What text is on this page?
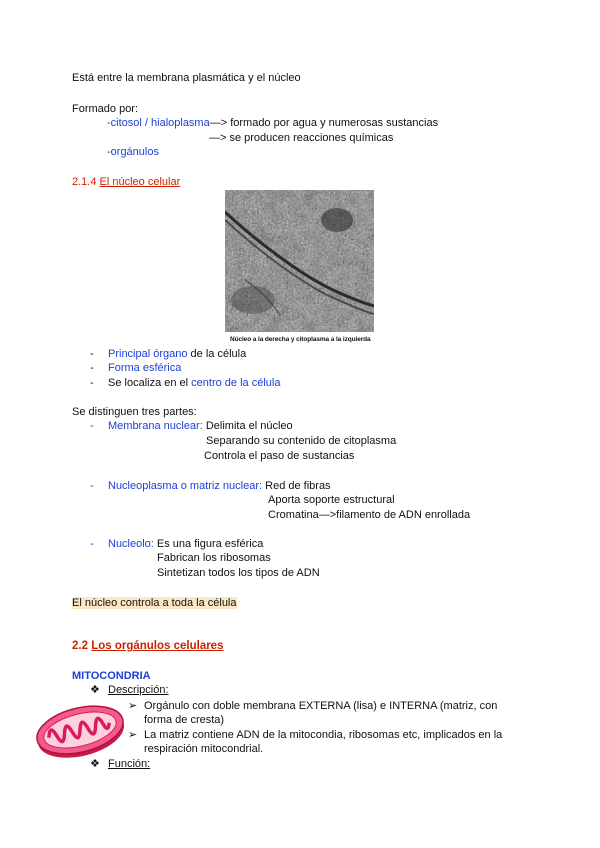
Está entre la membrana plasmática y el núcleo
Formado por:
-citosol / hialoplasma—> formado por agua y numerosas sustancias
—> se producen reacciones químicas
-orgánulos
2.1.4 El núcleo celular
Núcleo a la derecha y citoplasma a la izquierda
- Principal órgano de la célula
- Forma esférica
- Se localiza en el centro de la célula
Se distinguen tres partes:
- Membrana nuclear: Delimita el núcleo
Separando su contenido de citoplasma
Controla el paso de sustancias
- Nucleoplasma o matriz nuclear: Red de fibras
Aporta soporte estructural
Cromatina—>filamento de ADN enrollada
- Nucleolo: Es una figura esférica
Fabrican los ribosomas
Sintetizan todos los tipos de ADN
El núcleo controla a toda la célula
2.2 Los orgánulos celulares
MITOCONDRIA
❖ Descripción:
➢ Orgánulo con doble membrana EXTERNA (lisa) e INTERNA (matriz, con forma de cresta)
➢ La matriz contiene ADN de la mitocondia, ribosomas etc, implicados en la respiración mitocondrial.
❖ Función:
